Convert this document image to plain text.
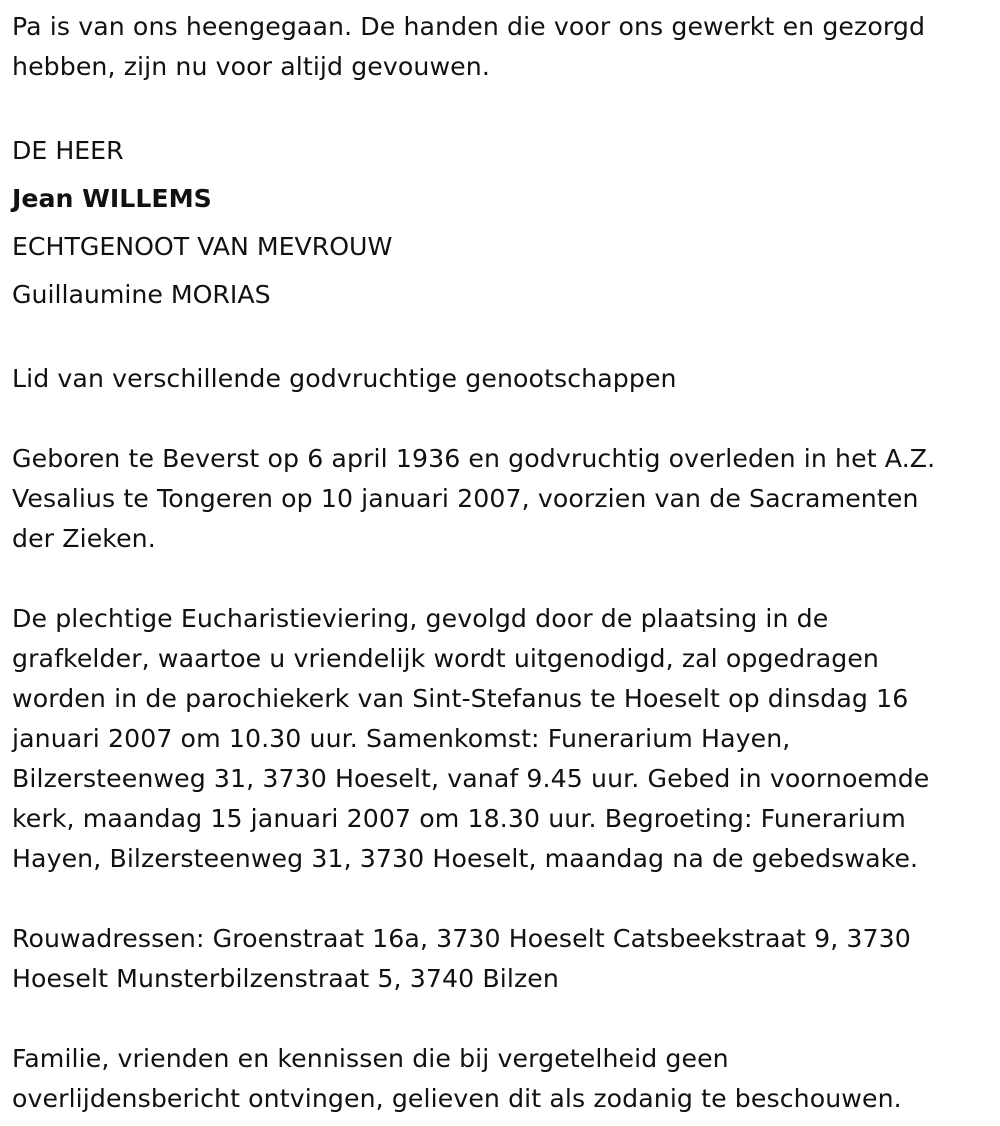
Pa is van ons heengegaan. De handen die voor ons gewerkt en gezorgd

hebben, zijn nu voor altijd gevouwen.

DE HEER

Jean WILLEMS

ECHTGENOOT VAN MEVROUW

Guillaumine MORIAS

Lid van verschillende godvruchtige genootschappen

Geboren te Beverst op 6 april 1936 en godvruchtig overleden in het A.Z.

Vesalius te Tongeren op 10 januari 2007, voorzien van de Sacramenten

der Zieken.

De plechtige Eucharistieviering, gevolgd door de plaatsing in de

grafkelder, waartoe u vriendelijk wordt uitgenodigd, zal opgedragen

worden in de parochiekerk van Sint-Stefanus te Hoeselt op dinsdag 16

januari 2007 om 10.30 uur. Samenkomst: Funerarium Hayen,

Bilzersteenweg 31, 3730 Hoeselt, vanaf 9.45 uur. Gebed in voornoemde

kerk, maandag 15 januari 2007 om 18.30 uur. Begroeting: Funerarium

Hayen, Bilzersteenweg 31, 3730 Hoeselt, maandag na de gebedswake.

Rouwadressen: Groenstraat 16a, 3730 Hoeselt Catsbeekstraat 9, 3730

Hoeselt Munsterbilzenstraat 5, 3740 Bilzen

Familie, vrienden en kennissen die bij vergetelheid geen

overlijdensbericht ontvingen, gelieven dit als zodanig te beschouwen.
